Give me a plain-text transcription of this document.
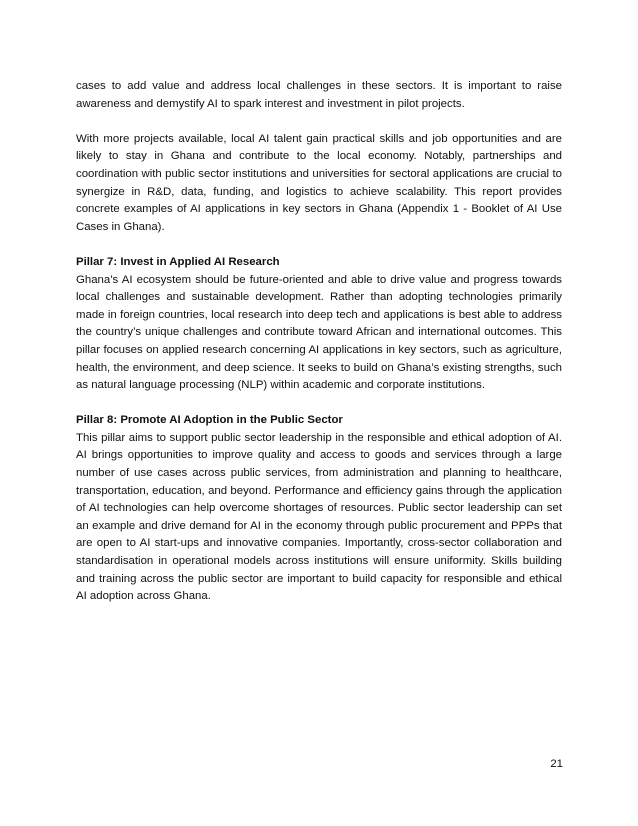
cases to add value and address local challenges in these sectors. It is important to raise awareness and demystify AI to spark interest and investment in pilot projects.

With more projects available, local AI talent gain practical skills and job opportunities and are likely to stay in Ghana and contribute to the local economy. Notably, partnerships and coordination with public sector institutions and universities for sectoral applications are crucial to synergize in R&D, data, funding, and logistics to achieve scalability. This report provides concrete examples of AI applications in key sectors in Ghana (Appendix 1 - Booklet of AI Use Cases in Ghana).

Pillar 7: Invest in Applied AI Research

Ghana’s AI ecosystem should be future-oriented and able to drive value and progress towards local challenges and sustainable development. Rather than adopting technologies primarily made in foreign countries, local research into deep tech and applications is best able to address the country’s unique challenges and contribute toward African and international outcomes. This pillar focuses on applied research concerning AI applications in key sectors, such as agriculture, health, the environment, and deep science. It seeks to build on Ghana’s existing strengths, such as natural language processing (NLP) within academic and corporate institutions.

Pillar 8: Promote AI Adoption in the Public Sector

This pillar aims to support public sector leadership in the responsible and ethical adoption of AI. AI brings opportunities to improve quality and access to goods and services through a large number of use cases across public services, from administration and planning to healthcare, transportation, education, and beyond. Performance and efficiency gains through the application of AI technologies can help overcome shortages of resources. Public sector leadership can set an example and drive demand for AI in the economy through public procurement and PPPs that are open to AI start-ups and innovative companies. Importantly, cross-sector collaboration and standardisation in operational models across institutions will ensure uniformity. Skills building and training across the public sector are important to build capacity for responsible and ethical AI adoption across Ghana.

21
